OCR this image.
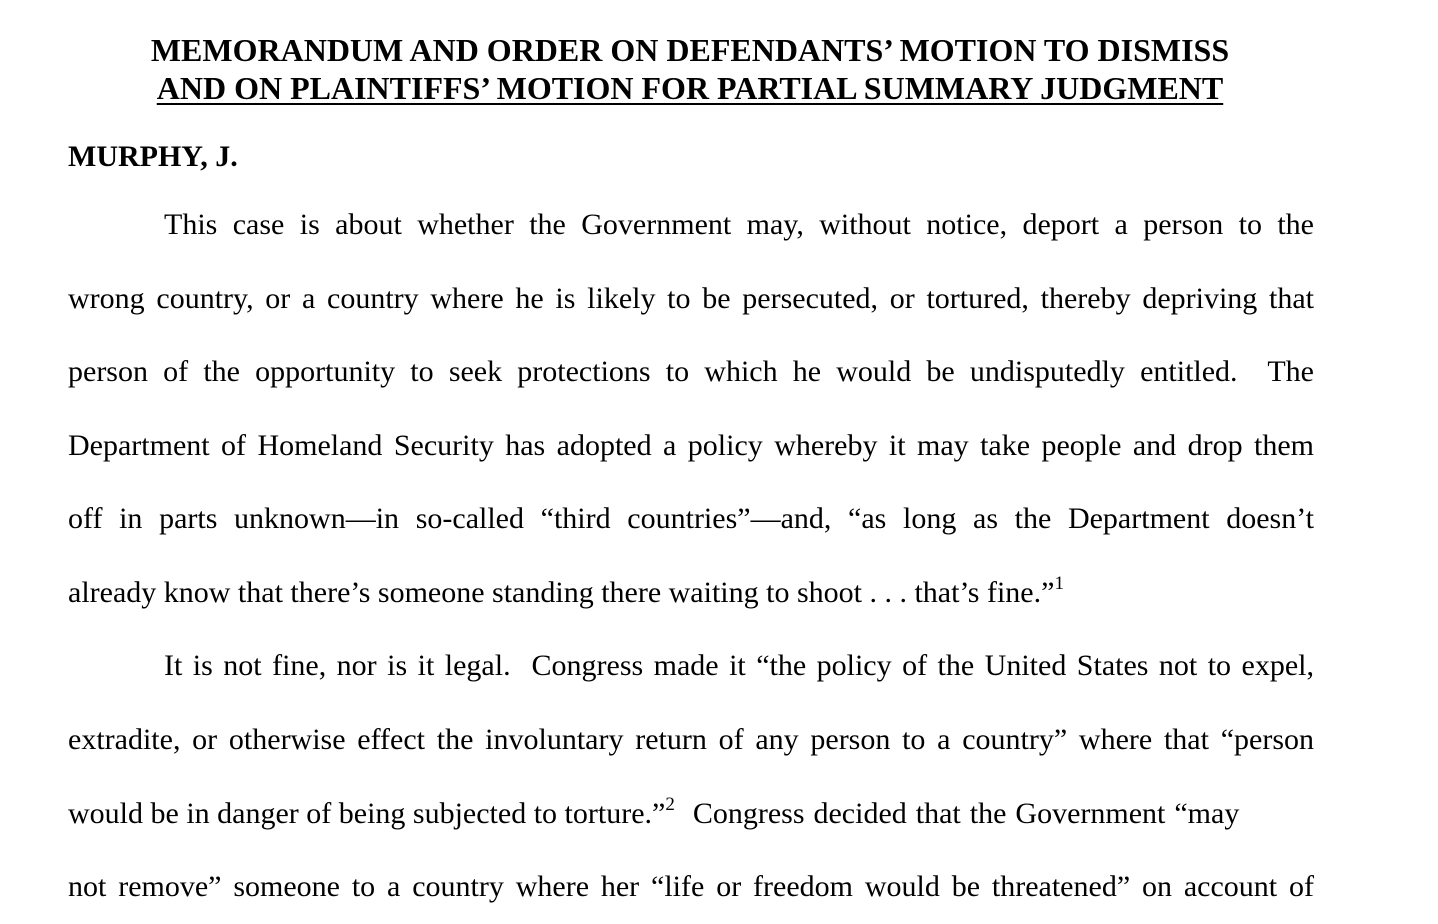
MEMORANDUM AND ORDER ON DEFENDANTS’ MOTION TO DISMISS
AND ON PLAINTIFFS’ MOTION FOR PARTIAL SUMMARY JUDGMENT
MURPHY, J.
This case is about whether the Government may, without notice, deport a person to the
wrong country, or a country where he is likely to be persecuted, or tortured, thereby depriving that
person of the opportunity to seek protections to which he would be undisputedly entitled.  The
Department of Homeland Security has adopted a policy whereby it may take people and drop them
off in parts unknown—in so-called “third countries”—and, “as long as the Department doesn’t
already know that there’s someone standing there waiting to shoot . . . that’s fine.”$^1$
It is not fine, nor is it legal.  Congress made it “the policy of the United States not to expel,
extradite, or otherwise effect the involuntary return of any person to a country” where that “person
would be in danger of being subjected to torture.”$^2$  Congress decided that the Government “may
not remove” someone to a country where her “life or freedom would be threatened” on account of
